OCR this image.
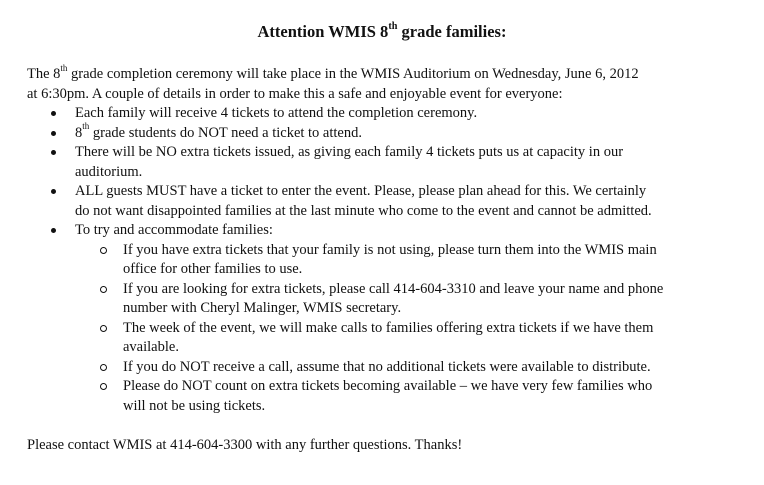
Attention WMIS 8th grade families:
The 8th grade completion ceremony will take place in the WMIS Auditorium on Wednesday, June 6, 2012
at 6:30pm. A couple of details in order to make this a safe and enjoyable event for everyone:
Each family will receive 4 tickets to attend the completion ceremony.
8th grade students do NOT need a ticket to attend.
There will be NO extra tickets issued, as giving each family 4 tickets puts us at capacity in our
auditorium.
ALL guests MUST have a ticket to enter the event. Please, please plan ahead for this. We certainly
do not want disappointed families at the last minute who come to the event and cannot be admitted.
To try and accommodate families:
If you have extra tickets that your family is not using, please turn them into the WMIS main
office for other families to use.
If you are looking for extra tickets, please call 414-604-3310 and leave your name and phone
number with Cheryl Malinger, WMIS secretary.
The week of the event, we will make calls to families offering extra tickets if we have them
available.
If you do NOT receive a call, assume that no additional tickets were available to distribute.
Please do NOT count on extra tickets becoming available – we have very few families who
will not be using tickets.
Please contact WMIS at 414-604-3300 with any further questions. Thanks!
